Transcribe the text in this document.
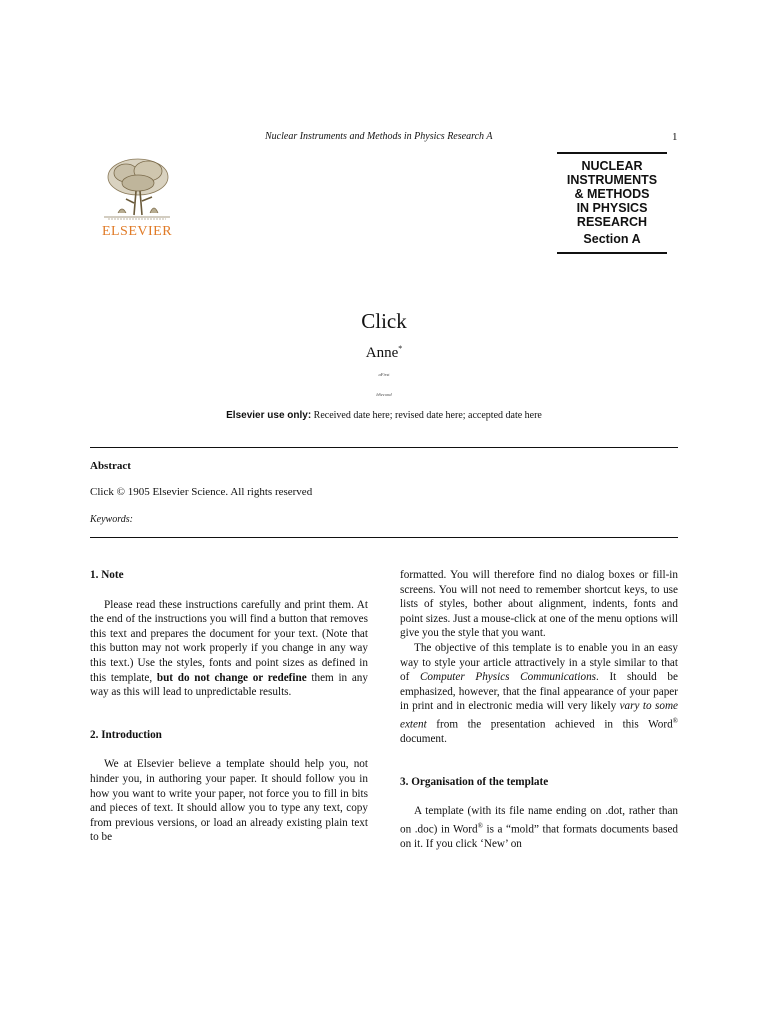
Nuclear Instruments and Methods in Physics Research A	1
ELSEVIER
NUCLEAR
INSTRUMENTS
& METHODS
IN PHYSICS
RESEARCH
Section A
Click
Anne*
aFirst
bSecond
Elsevier use only: Received date here; revised date here; accepted date here
Abstract
Click © 1905 Elsevier Science. All rights reserved
Keywords:
1. Note

Please read these instructions carefully and print them. At the end of the instructions you will find a button that removes this text and prepares the document for your text. (Note that this button may not work properly if you change in any way this text.) Use the styles, fonts and point sizes as defined in this template, but do not change or redefine them in any way as this will lead to unpredictable results.

2. Introduction

We at Elsevier believe a template should help you, not hinder you, in authoring your paper. It should follow you in how you want to write your paper, not force you to fill in bits and pieces of text. It should allow you to type any text, copy from previous versions, or load an already existing plain text to be

formatted. You will therefore find no dialog boxes or fill-in screens. You will not need to remember shortcut keys, to use lists of styles, bother about alignment, indents, fonts and point sizes. Just a mouse-click at one of the menu options will give you the style that you want.

The objective of this template is to enable you in an easy way to style your article attractively in a style similar to that of Computer Physics Communications. It should be emphasized, however, that the final appearance of your paper in print and in electronic media will very likely vary to some extent from the presentation achieved in this Word® document.

3. Organisation of the template

A template (with its file name ending on .dot, rather than on .doc) in Word® is a “mold” that formats documents based on it. If you click ‘New’ on
